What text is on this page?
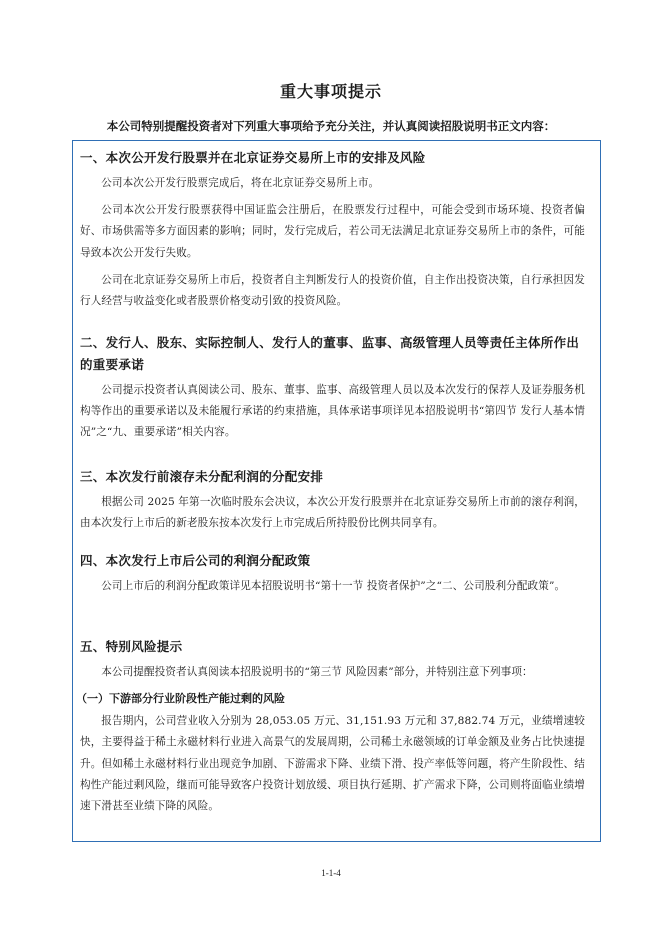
重大事项提示
本公司特别提醒投资者对下列重大事项给予充分关注，并认真阅读招股说明书正文内容：
一、本次公开发行股票并在北京证券交易所上市的安排及风险
公司本次公开发行股票完成后，将在北京证券交易所上市。
公司本次公开发行股票获得中国证监会注册后，在股票发行过程中，可能会受到市场环境、投资者偏好、市场供需等多方面因素的影响；同时，发行完成后，若公司无法满足北京证券交易所上市的条件，可能导致本次公开发行失败。
公司在北京证券交易所上市后，投资者自主判断发行人的投资价值，自主作出投资决策，自行承担因发行人经营与收益变化或者股票价格变动引致的投资风险。
二、发行人、股东、实际控制人、发行人的董事、监事、高级管理人员等责任主体所作出的重要承诺
公司提示投资者认真阅读公司、股东、董事、监事、高级管理人员以及本次发行的保荐人及证券服务机构等作出的重要承诺以及未能履行承诺的约束措施，具体承诺事项详见本招股说明书“第四节 发行人基本情况”之“九、重要承诺”相关内容。
三、本次发行前滚存未分配利润的分配安排
根据公司 2025 年第一次临时股东会决议，本次公开发行股票并在北京证券交易所上市前的滚存利润，由本次发行上市后的新老股东按本次发行上市完成后所持股份比例共同享有。
四、本次发行上市后公司的利润分配政策
公司上市后的利润分配政策详见本招股说明书“第十一节 投资者保护”之“二、公司股利分配政策”。
五、特别风险提示
本公司提醒投资者认真阅读本招股说明书的“第三节 风险因素”部分，并特别注意下列事项：
（一）下游部分行业阶段性产能过剩的风险
报告期内，公司营业收入分别为 28,053.05 万元、31,151.93 万元和 37,882.74 万元，业绩增速较快，主要得益于稀土永磁材料行业进入高景气的发展周期，公司稀土永磁领域的订单金额及业务占比快速提升。但如稀土永磁材料行业出现竞争加剧、下游需求下降、业绩下滑、投产率低等问题，将产生阶段性、结构性产能过剩风险，继而可能导致客户投资计划放缓、项目执行延期、扩产需求下降，公司则将面临业绩增速下滑甚至业绩下降的风险。
1-1-4
